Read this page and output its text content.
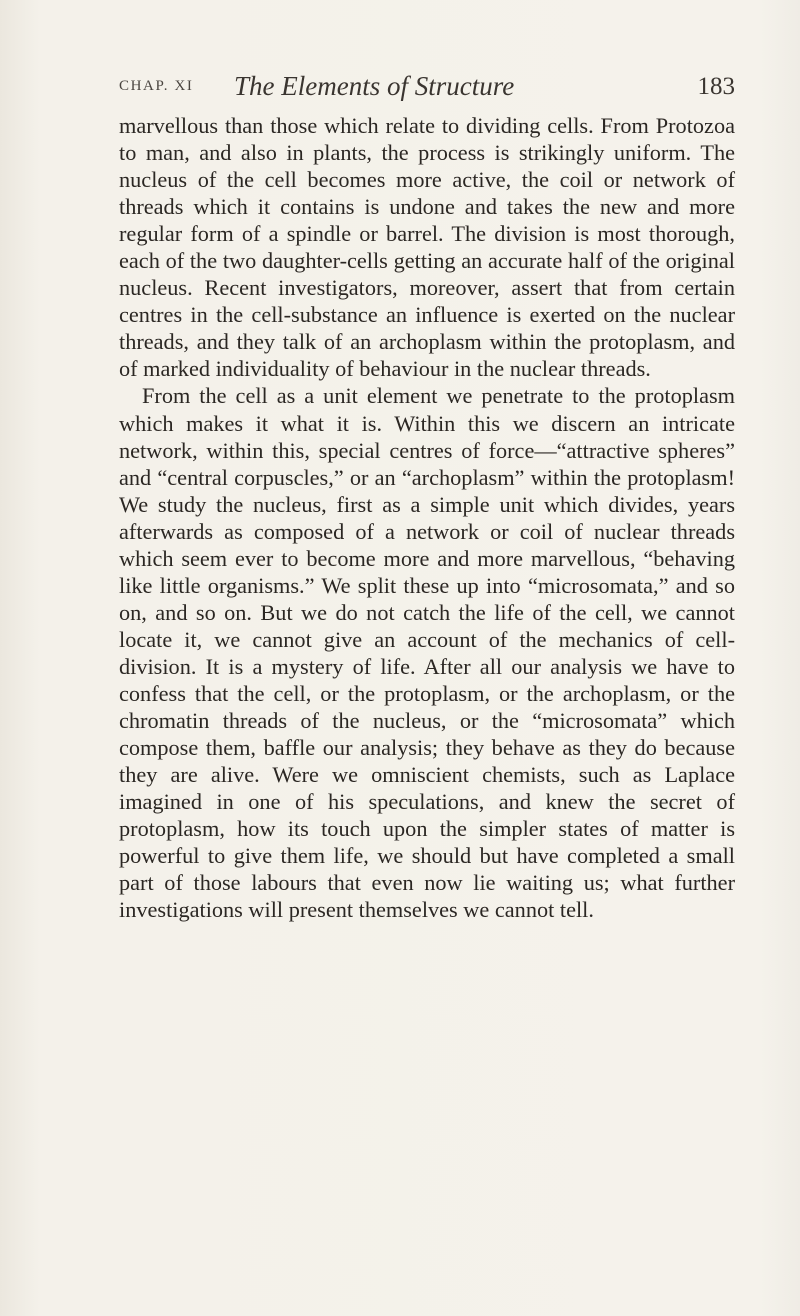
CHAP. XI The Elements of Structure	183

marvellous than those which relate to dividing cells. From Protozoa to man, and also in plants, the process is strikingly uniform. The nucleus of the cell becomes more active, the coil or network of threads which it contains is undone and takes the new and more regular form of a spindle or barrel. The division is most thorough, each of the two daughter-cells getting an accurate half of the original nucleus. Recent investigators, moreover, assert that from certain centres in the cell-substance an influence is exerted on the nuclear threads, and they talk of an archoplasm within the protoplasm, and of marked individuality of behaviour in the nuclear threads.

From the cell as a unit element we penetrate to the protoplasm which makes it what it is. Within this we discern an intricate network, within this, special centres of force—“attractive spheres” and “central corpuscles,” or an “archoplasm” within the protoplasm! We study the nucleus, first as a simple unit which divides, years afterwards as composed of a network or coil of nuclear threads which seem ever to become more and more marvellous, “behaving like little organisms.” We split these up into “microsomata,” and so on, and so on. But we do not catch the life of the cell, we cannot locate it, we cannot give an account of the mechanics of cell-division. It is a mystery of life. After all our analysis we have to confess that the cell, or the protoplasm, or the archoplasm, or the chromatin threads of the nucleus, or the “microsomata” which compose them, baffle our analysis; they behave as they do because they are alive. Were we omniscient chemists, such as Laplace imagined in one of his speculations, and knew the secret of protoplasm, how its touch upon the simpler states of matter is powerful to give them life, we should but have completed a small part of those labours that even now lie waiting us; what further investigations will present themselves we cannot tell.
